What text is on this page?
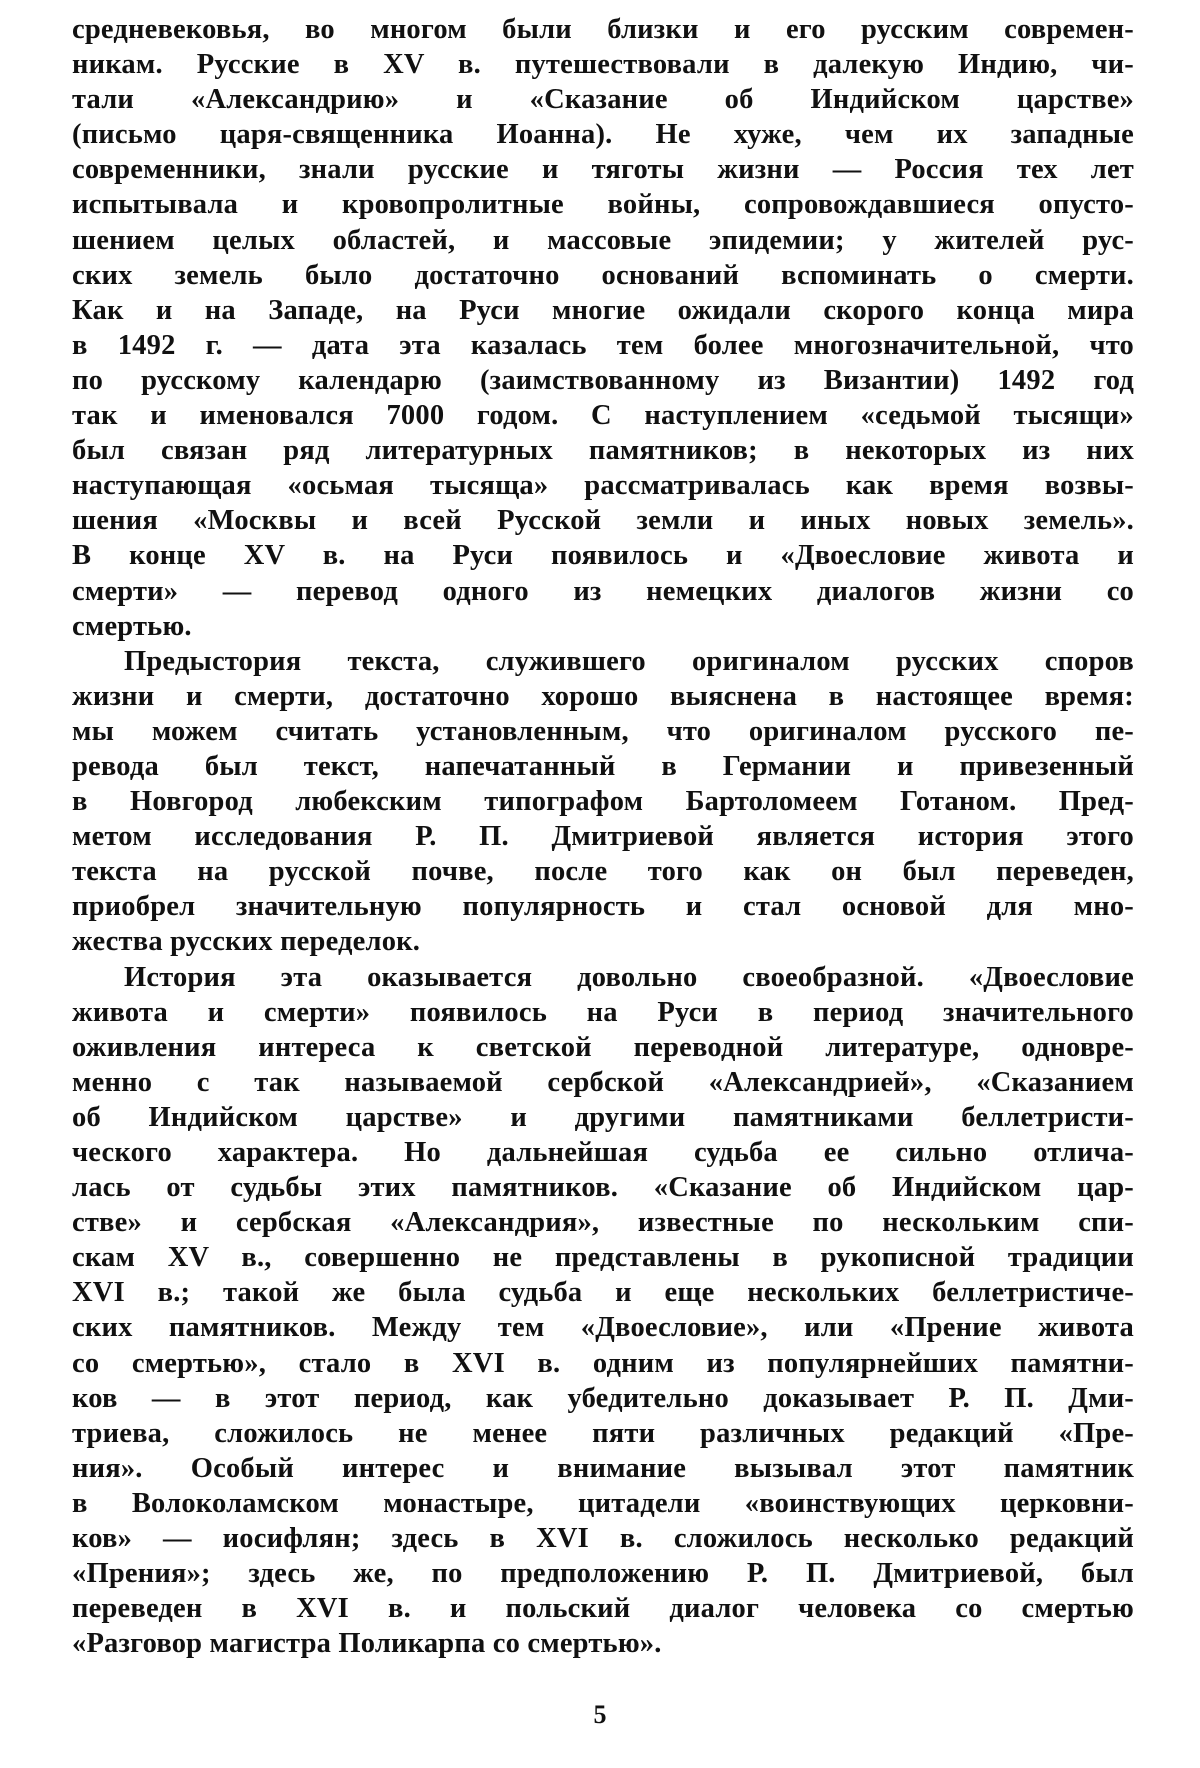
средневековья, во многом были близки и его русским современ-
никам. Русские в XV в. путешествовали в далекую Индию, чи-
тали «Александрию» и «Сказание об Индийском царстве»
(письмо царя-священника Иоанна). Не хуже, чем их западные
современники, знали русские и тяготы жизни — Россия тех лет
испытывала и кровопролитные войны, сопровождавшиеся опусто-
шением целых областей, и массовые эпидемии; у жителей рус-
ских земель было достаточно оснований вспоминать о смерти.
Как и на Западе, на Руси многие ожидали скорого конца мира
в 1492 г. — дата эта казалась тем более многозначительной, что
по русскому календарю (заимствованному из Византии) 1492 год
так и именовался 7000 годом. С наступлением «седьмой тысящи»
был связан ряд литературных памятников; в некоторых из них
наступающая «осьмая тысяща» рассматривалась как время возвы-
шения «Москвы и всей Русской земли и иных новых земель».
В конце XV в. на Руси появилось и «Двоесловие живота и
смерти» — перевод одного из немецких диалогов жизни со
смертью.
Предыстория текста, служившего оригиналом русских споров
жизни и смерти, достаточно хорошо выяснена в настоящее время:
мы можем считать установленным, что оригиналом русского пе-
ревода был текст, напечатанный в Германии и привезенный
в Новгород любекским типографом Бартоломеем Готаном. Пред-
метом исследования Р. П. Дмитриевой является история этого
текста на русской почве, после того как он был переведен,
приобрел значительную популярность и стал основой для мно-
жества русских переделок.
История эта оказывается довольно своеобразной. «Двоесловие
живота и смерти» появилось на Руси в период значительного
оживления интереса к светской переводной литературе, одновре-
менно с так называемой сербской «Александрией», «Сказанием
об Индийском царстве» и другими памятниками беллетристи-
ческого характера. Но дальнейшая судьба ее сильно отлича-
лась от судьбы этих памятников. «Сказание об Индийском цар-
стве» и сербская «Александрия», известные по нескольким спи-
скам XV в., совершенно не представлены в рукописной традиции
XVI в.; такой же была судьба и еще нескольких беллетристиче-
ских памятников. Между тем «Двоесловие», или «Прение живота
со смертью», стало в XVI в. одним из популярнейших памятни-
ков — в этот период, как убедительно доказывает Р. П. Дми-
триева, сложилось не менее пяти различных редакций «Пре-
ния». Особый интерес и внимание вызывал этот памятник
в Волоколамском монастыре, цитадели «воинствующих церковни-
ков» — иосифлян; здесь в XVI в. сложилось несколько редакций
«Прения»; здесь же, по предположению Р. П. Дмитриевой, был
переведен в XVI в. и польский диалог человека со смертью
«Разговор магистра Поликарпа со смертью».
5
